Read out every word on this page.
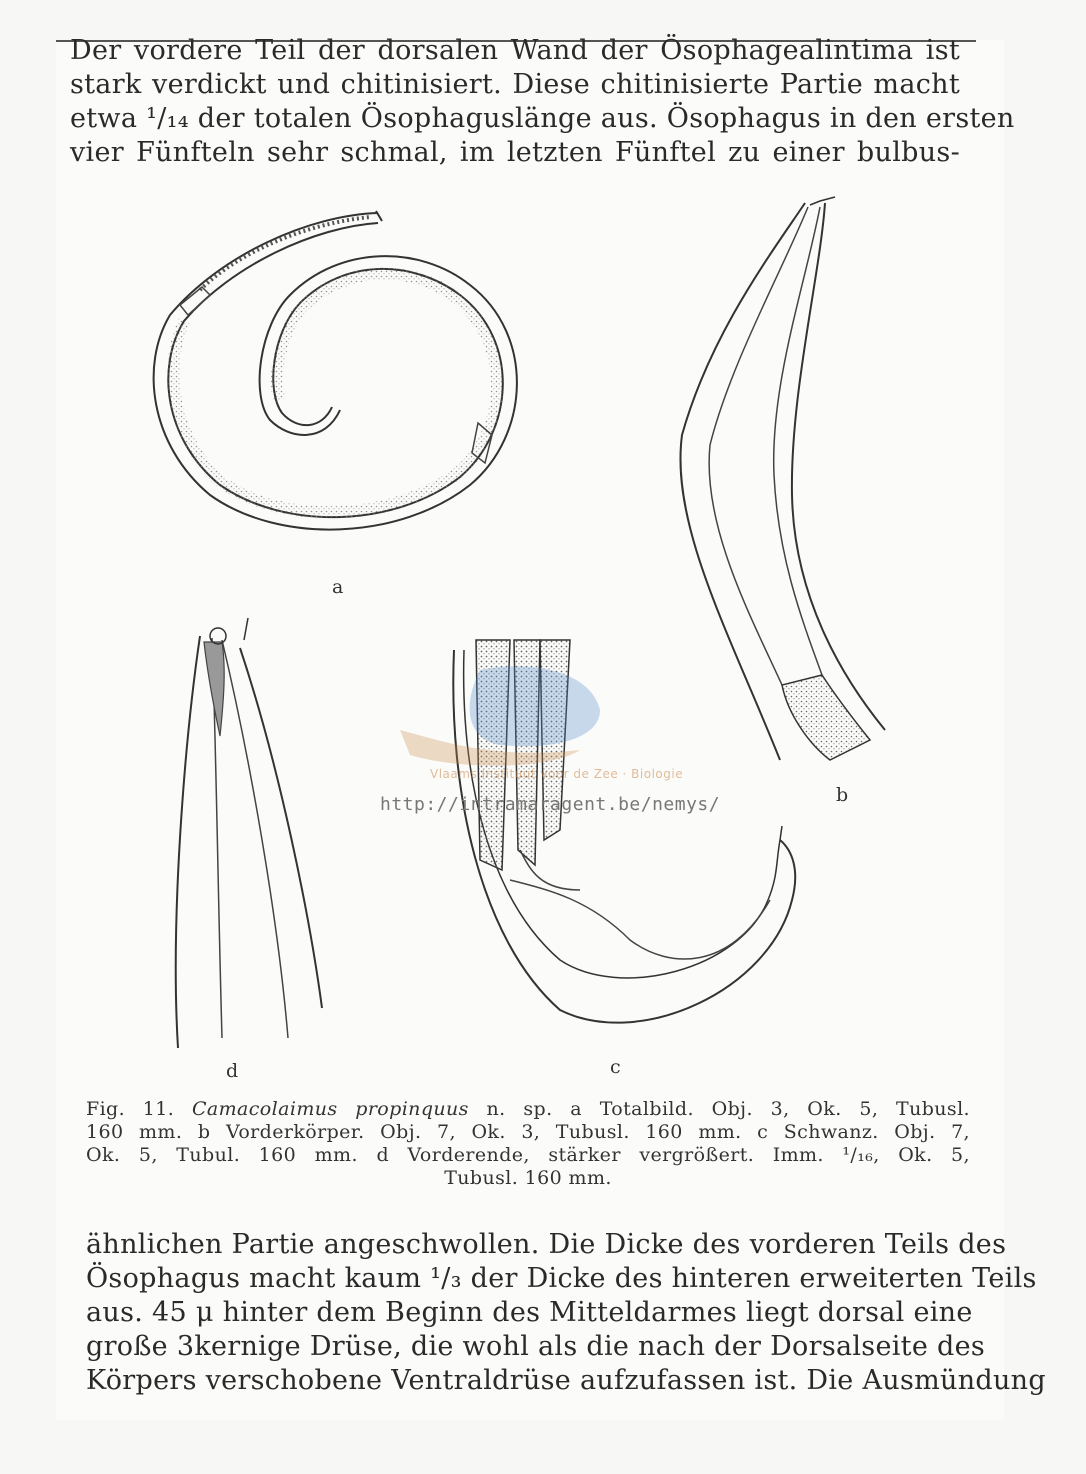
Der vordere Teil der dorsalen Wand der Ösophagealintima ist
stark verdickt und chitinisiert. Diese chitinisierte Partie macht
etwa ¹/₁₄ der totalen Ösophaguslänge aus. Ösophagus in den ersten
vier Fünfteln sehr schmal, im letzten Fünftel zu einer bulbus-
a
b
d	c
Vlaams Instituut voor de Zee · Biologie
http://intramaragent.be/nemys/
Fig. 11. Camacolaimus propinquus n. sp. a Totalbild. Obj. 3, Ok. 5, Tubusl.
160 mm. b Vorderkörper. Obj. 7, Ok. 3, Tubusl. 160 mm. c Schwanz. Obj. 7,
Ok. 5, Tubul. 160 mm. d Vorderende, stärker vergrößert. Imm. ¹/₁₆, Ok. 5,
Tubusl. 160 mm.
ähnlichen Partie angeschwollen. Die Dicke des vorderen Teils des
Ösophagus macht kaum ¹/₃ der Dicke des hinteren erweiterten Teils
aus. 45 μ hinter dem Beginn des Mitteldarmes liegt dorsal eine
große 3kernige Drüse, die wohl als die nach der Dorsalseite des
Körpers verschobene Ventraldrüse aufzufassen ist. Die Ausmündung
